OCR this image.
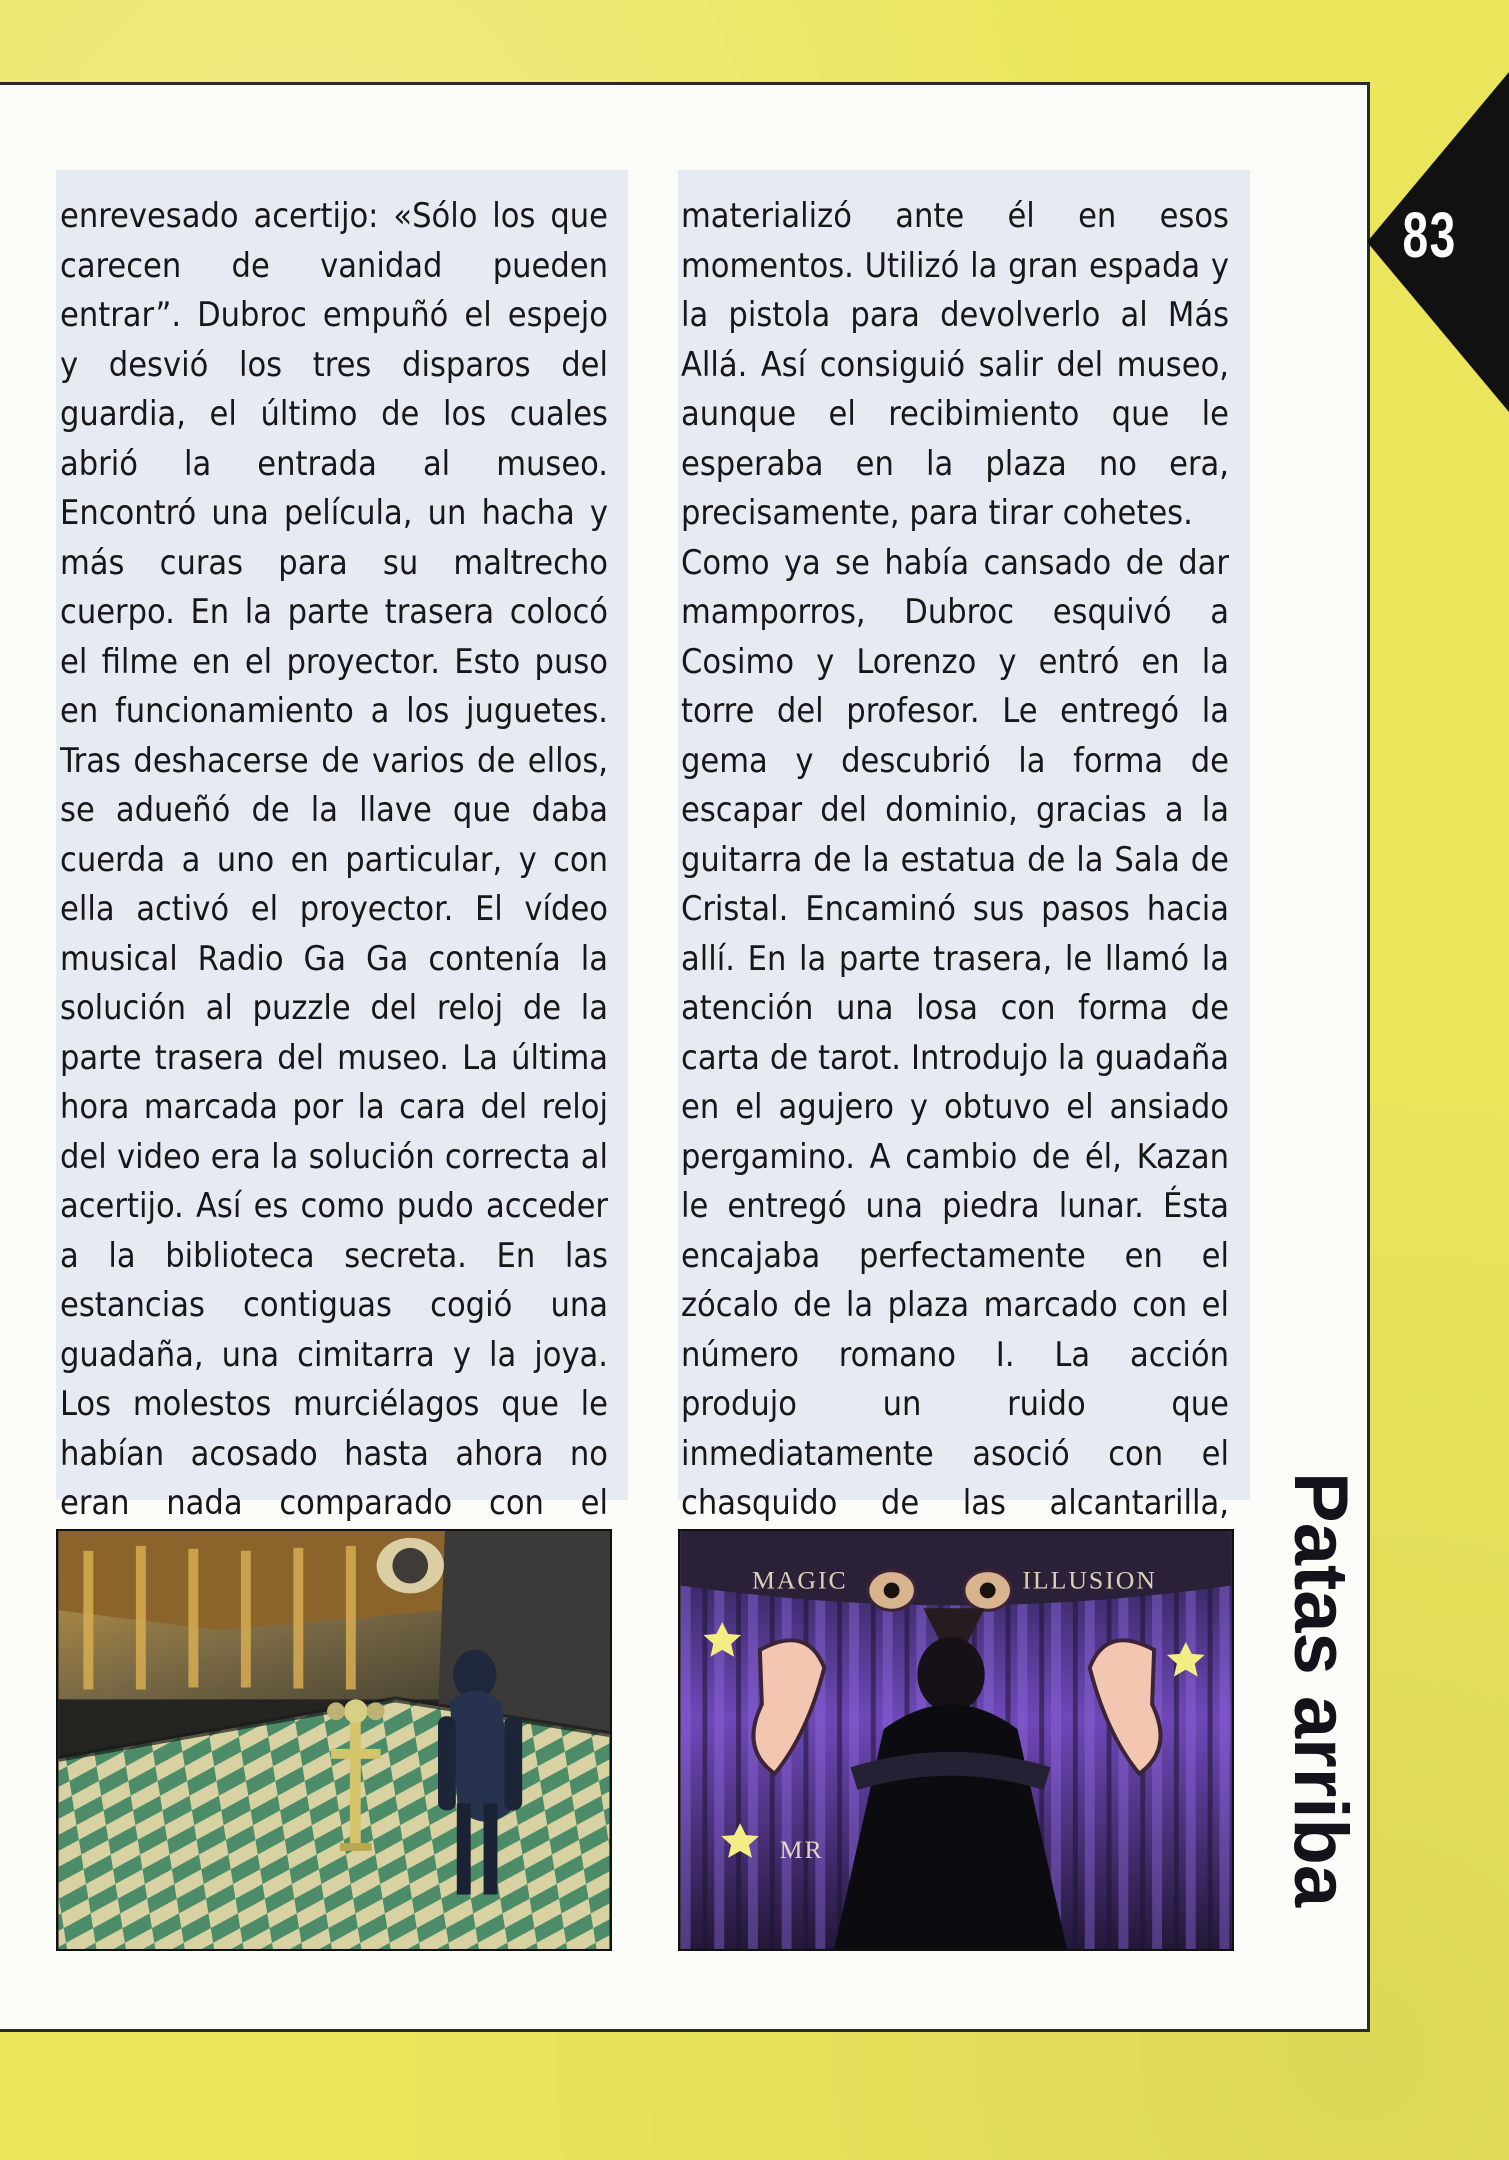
83
Patas arriba

enrevesado acertijo: «Sólo los que carecen de vanidad pueden entrar”. Dubroc empuñó el espejo y desvió los tres disparos del guardia, el último de los cuales abrió la entrada al museo. Encontró una película, un hacha y más curas para su maltrecho cuerpo. En la parte trasera colocó el filme en el proyector. Esto puso en funcionamiento a los juguetes. Tras deshacerse de varios de ellos, se adueñó de la llave que daba cuerda a uno en particular, y con ella activó el proyector. El vídeo musical Radio Ga Ga contenía la solución al puzzle del reloj de la parte trasera del museo. La última hora marcada por la cara del reloj del video era la solución correcta al acertijo. Así es como pudo acceder a la biblioteca secreta. En las estancias contiguas cogió una guadaña, una cimitarra y la joya. Los molestos murciélagos que le habían acosado hasta ahora no eran nada comparado con el

materializó ante él en esos momentos. Utilizó la gran espada y la pistola para devolverlo al Más Allá. Así consiguió salir del museo, aunque el recibimiento que le esperaba en la plaza no era, precisamente, para tirar cohetes.

Como ya se había cansado de dar mamporros, Dubroc esquivó a Cosimo y Lorenzo y entró en la torre del profesor. Le entregó la gema y descubrió la forma de escapar del dominio, gracias a la guitarra de la estatua de la Sala de Cristal. Encaminó sus pasos hacia allí. En la parte trasera, le llamó la atención una losa con forma de carta de tarot. Introdujo la guadaña en el agujero y obtuvo el ansiado pergamino. A cambio de él, Kazan le entregó una piedra lunar. Ésta encajaba perfectamente en el zócalo de la plaza marcado con el número romano I. La acción produjo un ruido que inmediatamente asoció con el chasquido de las alcantarilla,

MAGIC	ILLUSION
MR
